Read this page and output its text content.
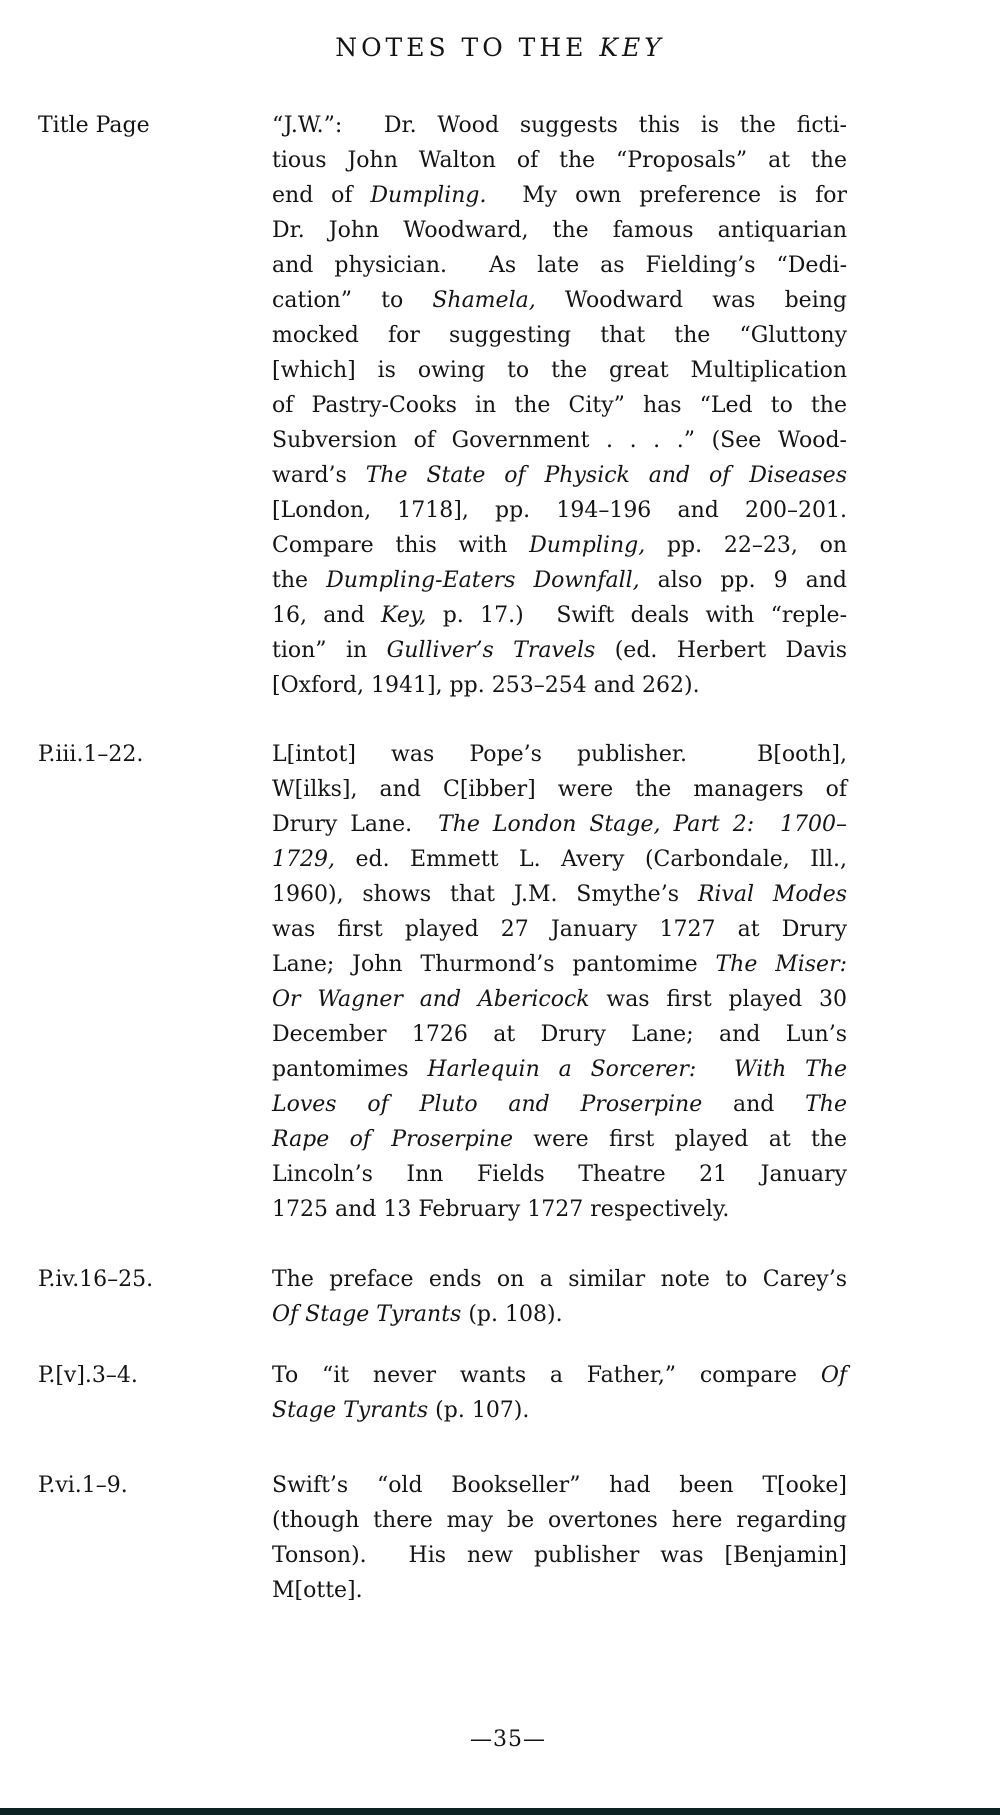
NOTES TO THE KEY
Title Page	“J.W.”:  Dr. Wood suggests this is the ficti-
tious John Walton of the “Proposals” at the
end of Dumpling.  My own preference is for
Dr. John Woodward, the famous antiquarian
and physician.  As late as Fielding’s “Dedi-
cation” to Shamela, Woodward was being
mocked for suggesting that the “Gluttony
[which] is owing to the great Multiplication
of Pastry-Cooks in the City” has “Led to the
Subversion of Government . . . .” (See Wood-
ward’s The State of Physick and of Diseases
[London, 1718], pp. 194–196 and 200–201.
Compare this with Dumpling, pp. 22–23, on
the Dumpling-Eaters Downfall, also pp. 9 and
16, and Key, p. 17.)  Swift deals with “reple-
tion” in Gulliver’s Travels (ed. Herbert Davis
[Oxford, 1941], pp. 253–254 and 262).
P.iii.1–22.	L[intot] was Pope’s publisher.  B[ooth],
W[ilks], and C[ibber] were the managers of
Drury Lane.  The London Stage, Part 2:  1700–
1729, ed. Emmett L. Avery (Carbondale, Ill.,
1960), shows that J.M. Smythe’s Rival Modes
was first played 27 January 1727 at Drury
Lane; John Thurmond’s pantomime The Miser:
Or Wagner and Abericock was first played 30
December 1726 at Drury Lane; and Lun’s
pantomimes Harlequin a Sorcerer:  With The
Loves of Pluto and Proserpine and The
Rape of Proserpine were first played at the
Lincoln’s Inn Fields Theatre 21 January
1725 and 13 February 1727 respectively.
P.iv.16–25.	The preface ends on a similar note to Carey’s
Of Stage Tyrants (p. 108).
P.[v].3–4.	To “it never wants a Father,” compare Of
Stage Tyrants (p. 107).
P.vi.1–9.	Swift’s “old Bookseller” had been T[ooke]
(though there may be overtones here regarding
Tonson).  His new publisher was [Benjamin]
M[otte].
—35—
